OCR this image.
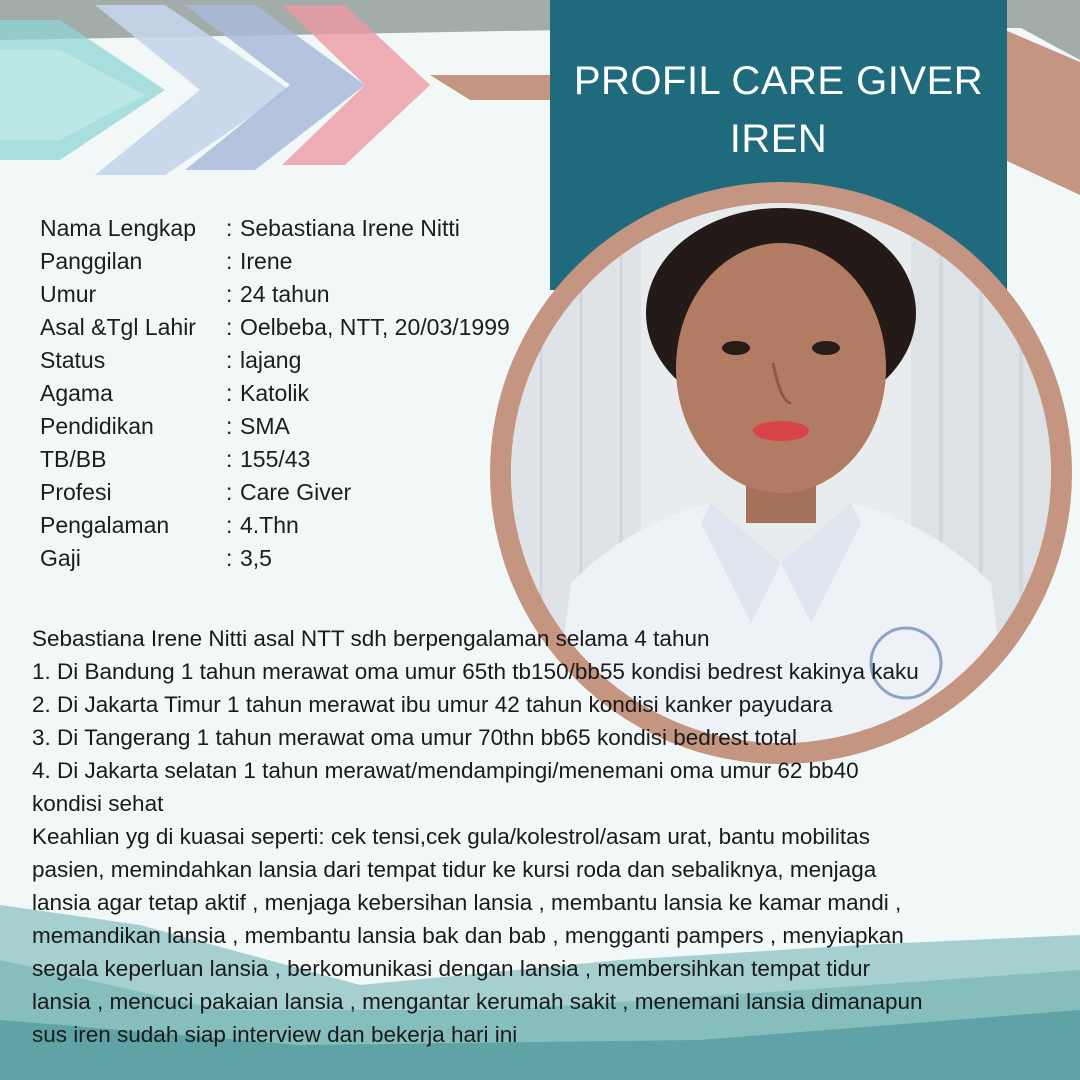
PROFIL CARE GIVER
IREN
Nama Lengkap	: Sebastiana Irene Nitti
Panggilan	: Irene
Umur	: 24 tahun
Asal &Tgl Lahir	: Oelbeba, NTT, 20/03/1999
Status	: lajang
Agama	: Katolik
Pendidikan	: SMA
TB/BB	: 155/43
Profesi	: Care Giver
Pengalaman	: 4.Thn
Gaji	: 3,5
Sebastiana Irene Nitti asal NTT sdh berpengalaman selama 4 tahun
1. Di Bandung 1 tahun merawat oma umur 65th tb150/bb55 kondisi bedrest kakinya kaku
2. Di Jakarta Timur 1 tahun merawat ibu umur 42 tahun kondisi kanker payudara
3. Di Tangerang 1 tahun merawat oma umur 70thn bb65 kondisi bedrest total
4. Di Jakarta selatan 1 tahun merawat/mendampingi/menemani oma umur 62 bb40
kondisi sehat
Keahlian yg di kuasai seperti: cek tensi,cek gula/kolestrol/asam urat, bantu mobilitas
pasien, memindahkan lansia dari tempat tidur ke kursi roda dan sebaliknya, menjaga
lansia agar tetap aktif , menjaga kebersihan lansia , membantu lansia ke kamar mandi ,
memandikan lansia , membantu lansia bak dan bab , mengganti pampers , menyiapkan
segala keperluan lansia , berkomunikasi dengan lansia , membersihkan tempat tidur
lansia , mencuci pakaian lansia , mengantar kerumah sakit , menemani lansia dimanapun
sus iren sudah siap interview dan bekerja hari ini
